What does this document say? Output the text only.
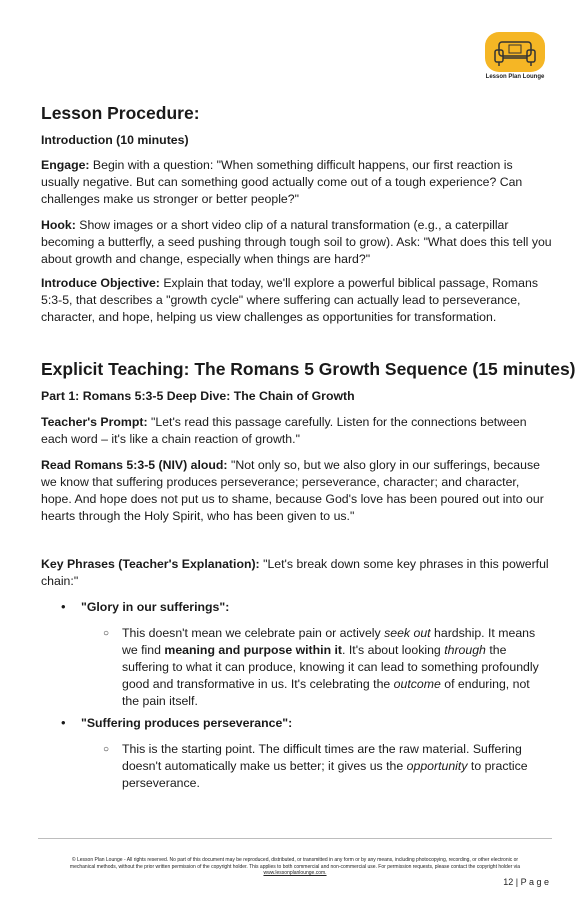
Lesson Plan Lounge
Lesson Procedure:

Introduction (10 minutes)

Engage: Begin with a question: "When something difficult happens, our first reaction is usually negative. But can something good actually come out of a tough experience? Can challenges make us stronger or better people?"

Hook: Show images or a short video clip of a natural transformation (e.g., a caterpillar becoming a butterfly, a seed pushing through tough soil to grow). Ask: "What does this tell you about growth and change, especially when things are hard?"

Introduce Objective: Explain that today, we'll explore a powerful biblical passage, Romans 5:3-5, that describes a "growth cycle" where suffering can actually lead to perseverance, character, and hope, helping us view challenges as opportunities for transformation.

Explicit Teaching: The Romans 5 Growth Sequence (15 minutes)

Part 1: Romans 5:3-5 Deep Dive: The Chain of Growth

Teacher's Prompt: "Let's read this passage carefully. Listen for the connections between each word – it's like a chain reaction of growth."

Read Romans 5:3-5 (NIV) aloud: "Not only so, but we also glory in our sufferings, because we know that suffering produces perseverance; perseverance, character; and character, hope. And hope does not put us to shame, because God's love has been poured out into our hearts through the Holy Spirit, who has been given to us."

Key Phrases (Teacher's Explanation): "Let's break down some key phrases in this powerful chain:"

• "Glory in our sufferings":
○ This doesn't mean we celebrate pain or actively seek out hardship. It means we find meaning and purpose within it. It's about looking through the suffering to what it can produce, knowing it can lead to something profoundly good and transformative in us. It's celebrating the outcome of enduring, not the pain itself.

• "Suffering produces perseverance":
○ This is the starting point. The difficult times are the raw material. Suffering doesn't automatically make us better; it gives us the opportunity to practice perseverance.

© Lesson Plan Lounge - All rights reserved. No part of this document may be reproduced, distributed, or transmitted in any form or by any means, including photocopying, recording, or other electronic or
mechanical methods, without the prior written permission of the copyright holder. This applies to both commercial and non-commercial use. For permission requests, please contact the copyright holder via
www.lessonplanlounge.com.
12 | P a g e
